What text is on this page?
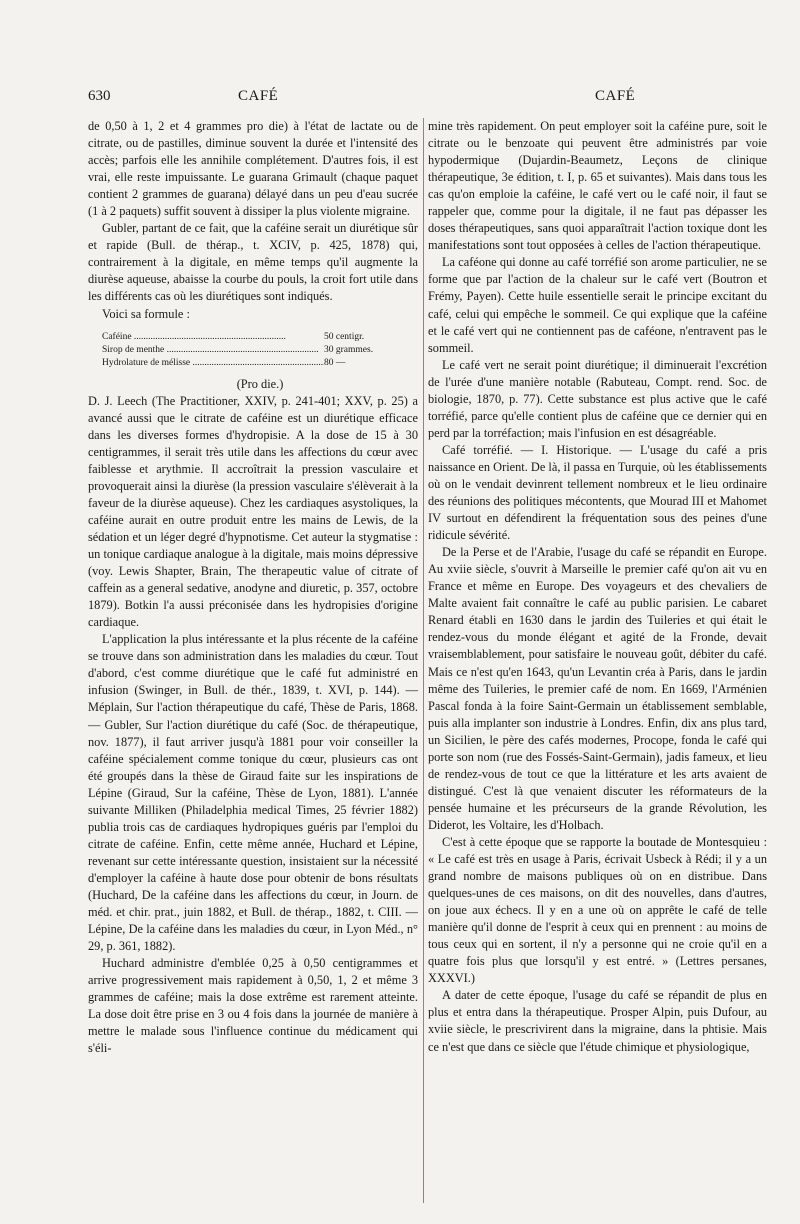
630	CAFÉ	CAFÉ

de 0,50 à 1, 2 et 4 grammes pro die) à l'état de lactate ou de citrate, ou de pastilles, diminue souvent la durée et l'intensité des accès; parfois elle les annihile complétement. D'autres fois, il est vrai, elle reste impuissante. Le guarana Grimault (chaque paquet contient 2 grammes de guarana) délayé dans un peu d'eau sucrée (1 à 2 paquets) suffit souvent à dissiper la plus violente migraine.

Gubler, partant de ce fait, que la caféine serait un diurétique sûr et rapide (Bull. de thérap., t. XCIV, p. 425, 1878) qui, contrairement à la digitale, en même temps qu'il augmente la diurèse aqueuse, abaisse la courbe du pouls, la croit fort utile dans les différents cas où les diurétiques sont indiqués.

Voici sa formule :

Caféine .....	50 centigr.
Sirop de menthe .....	30 grammes.
Hydrolature de mélisse .....	80 —

(Pro die.)

D. J. Leech (The Practitioner, XXIV, p. 241-401; XXV, p. 25) a avancé aussi que le citrate de caféine est un diurétique efficace dans les diverses formes d'hydropisie. A la dose de 15 à 30 centigrammes, il serait très utile dans les affections du cœur avec faiblesse et arythmie. Il accroîtrait la pression vasculaire et provoquerait ainsi la diurèse (la pression vasculaire s'élèverait à la faveur de la diurèse aqueuse). Chez les cardiaques asystoliques, la caféine aurait en outre produit entre les mains de Lewis, de la sédation et un léger degré d'hypnotisme. Cet auteur la stygmatise : un tonique cardiaque analogue à la digitale, mais moins dépressive (voy. Lewis Shapter, Brain, The therapeutic value of citrate of caffein as a general sedative, anodyne and diuretic, p. 357, octobre 1879). Botkin l'a aussi préconisée dans les hydropisies d'origine cardiaque.

L'application la plus intéressante et la plus récente de la caféine se trouve dans son administration dans les maladies du cœur. Tout d'abord, c'est comme diurétique que le café fut administré en infusion (Swinger, in Bull. de thér., 1839, t. XVI, p. 144). — Méplain, Sur l'action thérapeutique du café, Thèse de Paris, 1868. — Gubler, Sur l'action diurétique du café (Soc. de thérapeutique, nov. 1877), il faut arriver jusqu'à 1881 pour voir conseiller la caféine spécialement comme tonique du cœur, plusieurs cas ont été groupés dans la thèse de Giraud faite sur les inspirations de Lépine (Giraud, Sur la caféine, Thèse de Lyon, 1881). L'année suivante Milliken (Philadelphia medical Times, 25 février 1882) publia trois cas de cardiaques hydropiques guéris par l'emploi du citrate de caféine. Enfin, cette même année, Huchard et Lépine, revenant sur cette intéressante question, insistaient sur la nécessité d'employer la caféine à haute dose pour obtenir de bons résultats (Huchard, De la caféine dans les affections du cœur, in Journ. de méd. et chir. prat., juin 1882, et Bull. de thérap., 1882, t. CIII. — Lépine, De la caféine dans les maladies du cœur, in Lyon Méd., n° 29, p. 361, 1882).

Huchard administre d'emblée 0,25 à 0,50 centigrammes et arrive progressivement mais rapidement à 0,50, 1, 2 et même 3 grammes de caféine; mais la dose extrême est rarement atteinte. La dose doit être prise en 3 ou 4 fois dans la journée de manière à mettre le malade sous l'influence continue du médicament qui s'éli-

mine très rapidement. On peut employer soit la caféine pure, soit le citrate ou le benzoate qui peuvent être administrés par voie hypodermique (Dujardin-Beaumetz, Leçons de clinique thérapeutique, 3e édition, t. I, p. 65 et suivantes). Mais dans tous les cas qu'on emploie la caféine, le café vert ou le café noir, il faut se rappeler que, comme pour la digitale, il ne faut pas dépasser les doses thérapeutiques, sans quoi apparaîtrait l'action toxique dont les manifestations sont tout opposées à celles de l'action thérapeutique.

La caféone qui donne au café torréfié son arome particulier, ne se forme que par l'action de la chaleur sur le café vert (Boutron et Frémy, Payen). Cette huile essentielle serait le principe excitant du café, celui qui empêche le sommeil. Ce qui explique que la caféine et le café vert qui ne contiennent pas de caféone, n'entravent pas le sommeil.

Le café vert ne serait point diurétique; il diminuerait l'excrétion de l'urée d'une manière notable (Rabuteau, Compt. rend. Soc. de biologie, 1870, p. 77). Cette substance est plus active que le café torréfié, parce qu'elle contient plus de caféine que ce dernier qui en perd par la torréfaction; mais l'infusion en est désagréable.

Café torréfié. — I. Historique. — L'usage du café a pris naissance en Orient. De là, il passa en Turquie, où les établissements où on le vendait devinrent tellement nombreux et le lieu ordinaire des réunions des politiques mécontents, que Mourad III et Mahomet IV surtout en défendirent la fréquentation sous des peines d'une ridicule sévérité.

De la Perse et de l'Arabie, l'usage du café se répandit en Europe. Au xviie siècle, s'ouvrit à Marseille le premier café qu'on ait vu en France et même en Europe. Des voyageurs et des chevaliers de Malte avaient fait connaître le café au public parisien. Le cabaret Renard établi en 1630 dans le jardin des Tuileries et qui était le rendez-vous du monde élégant et agité de la Fronde, devait vraisemblablement, pour satisfaire le nouveau goût, débiter du café. Mais ce n'est qu'en 1643, qu'un Levantin créa à Paris, dans le jardin même des Tuileries, le premier café de nom. En 1669, l'Arménien Pascal fonda à la foire Saint-Germain un établissement semblable, puis alla implanter son industrie à Londres. Enfin, dix ans plus tard, un Sicilien, le père des cafés modernes, Procope, fonda le café qui porte son nom (rue des Fossés-Saint-Germain), jadis fameux, et lieu de rendez-vous de tout ce que la littérature et les arts avaient de distingué. C'est là que venaient discuter les réformateurs de la pensée humaine et les précurseurs de la grande Révolution, les Diderot, les Voltaire, les d'Holbach.

C'est à cette époque que se rapporte la boutade de Montesquieu : « Le café est très en usage à Paris, écrivait Usbeck à Rédi; il y a un grand nombre de maisons publiques où on en distribue. Dans quelques-unes de ces maisons, on dit des nouvelles, dans d'autres, on joue aux échecs. Il y en a une où on apprête le café de telle manière qu'il donne de l'esprit à ceux qui en prennent : au moins de tous ceux qui en sortent, il n'y a personne qui ne croie qu'il en a quatre fois plus que lorsqu'il y est entré. » (Lettres persanes, XXXVI.)

A dater de cette époque, l'usage du café se répandit de plus en plus et entra dans la thérapeutique. Prosper Alpin, puis Dufour, au xviie siècle, le prescrivirent dans la migraine, dans la phtisie. Mais ce n'est que dans ce siècle que l'étude chimique et physiologique,
